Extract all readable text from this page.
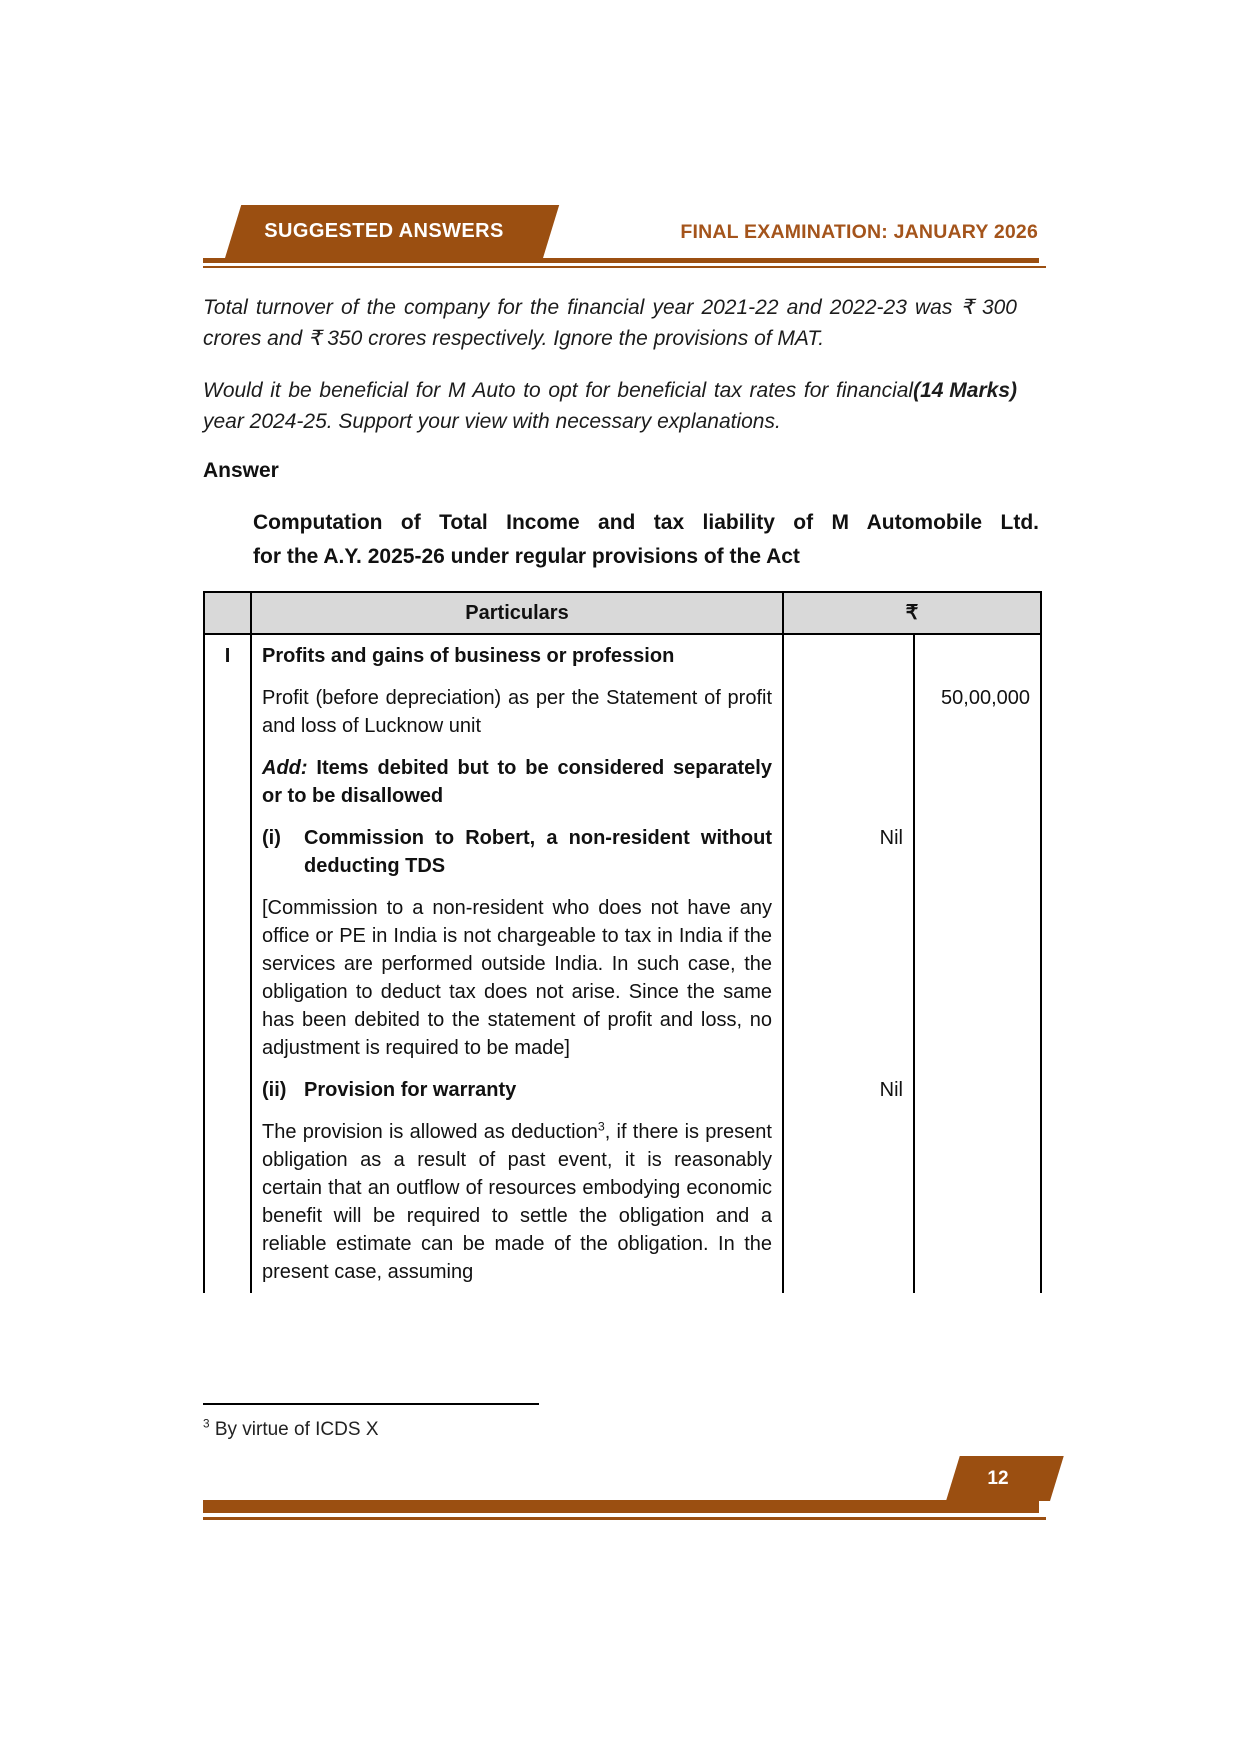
SUGGESTED ANSWERS	FINAL EXAMINATION: JANUARY 2026

Total turnover of the company for the financial year 2021-22 and 2022-23 was ₹ 300 crores and ₹ 350 crores respectively. Ignore the provisions of MAT.

(14 Marks)
Would it be beneficial for M Auto to opt for beneficial tax rates for financial year 2024-25. Support your view with necessary explanations.

Answer
Computation of Total Income and tax liability of M Automobile Ltd.
for the A.Y. 2025-26 under regular provisions of the Act
	Particulars	₹	
I	Profits and gains of business or profession		
	Profit (before depreciation) as per the Statement of profit and loss of Lucknow unit		50,00,000
	Add: Items debited but to be considered separately or to be disallowed		

	(i) Commission to Robert, a non-resident without deducting TDS	Nil	
	[Commission to a non-resident who does not have any office or PE in India is not chargeable to tax in India if the services are performed outside India. In such case, the obligation to deduct tax does not arise. Since the same has been debited to the statement of profit and loss, no adjustment is required to be made]		

	(ii) Provision for warranty	Nil	
	The provision is allowed as deduction$^3$, if there is present obligation as a result of past event, it is reasonably certain that an outflow of resources embodying economic benefit will be required to settle the obligation and a reliable estimate can be made of the obligation. In the present case, assuming		
$^3$ By virtue of ICDS X
12
